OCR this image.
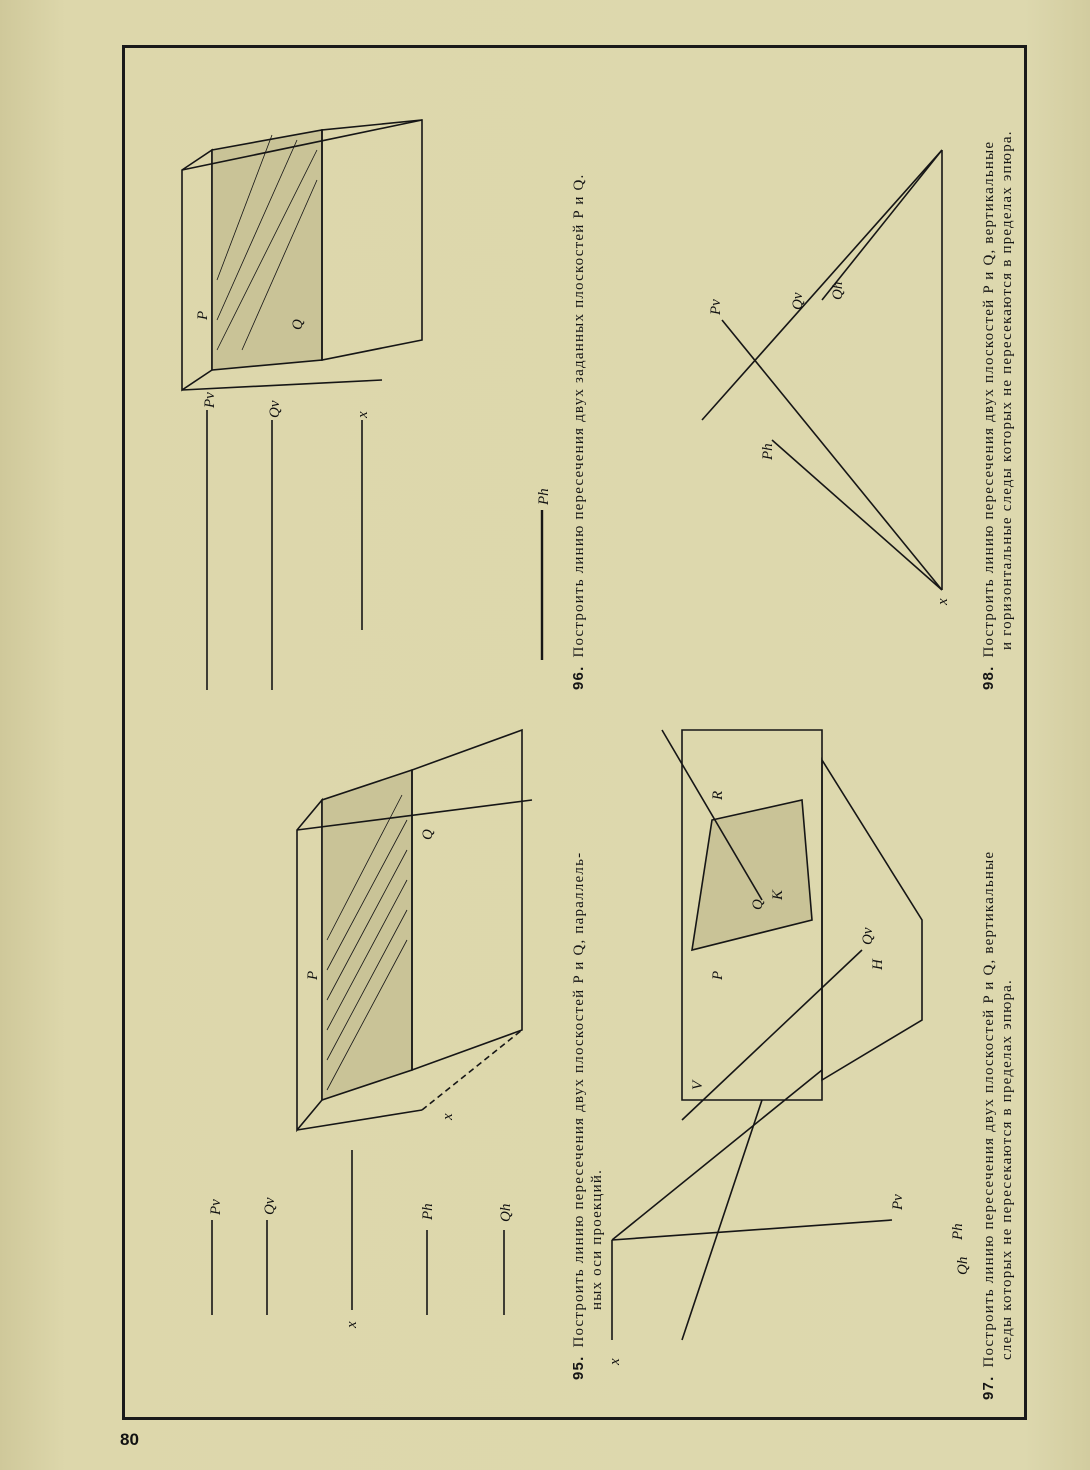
80
x
Pv	Qv	Ph	Qh
P
Q
x
Pv
Qv	x
Ph
P
Q
x
Pv
Qv
Ph
Qh
V
H
R
P
Q
K
x
Pv	Qv
Ph
Qh
95.Построить линию пересечения двух плоскостей P и Q, параллель- ных оси проекций.
96.Построить линию пересечения двух заданных плоскостей P и Q.
97.Построить линию пересечения двух плоскостей P и Q, вертикальные следы которых не пересекаются в пределах эпюра.
98.Построить линию пересечения двух плоскостей P и Q, вертикальные и горизонтальные следы которых не пересекаются в пределах эпюра.
